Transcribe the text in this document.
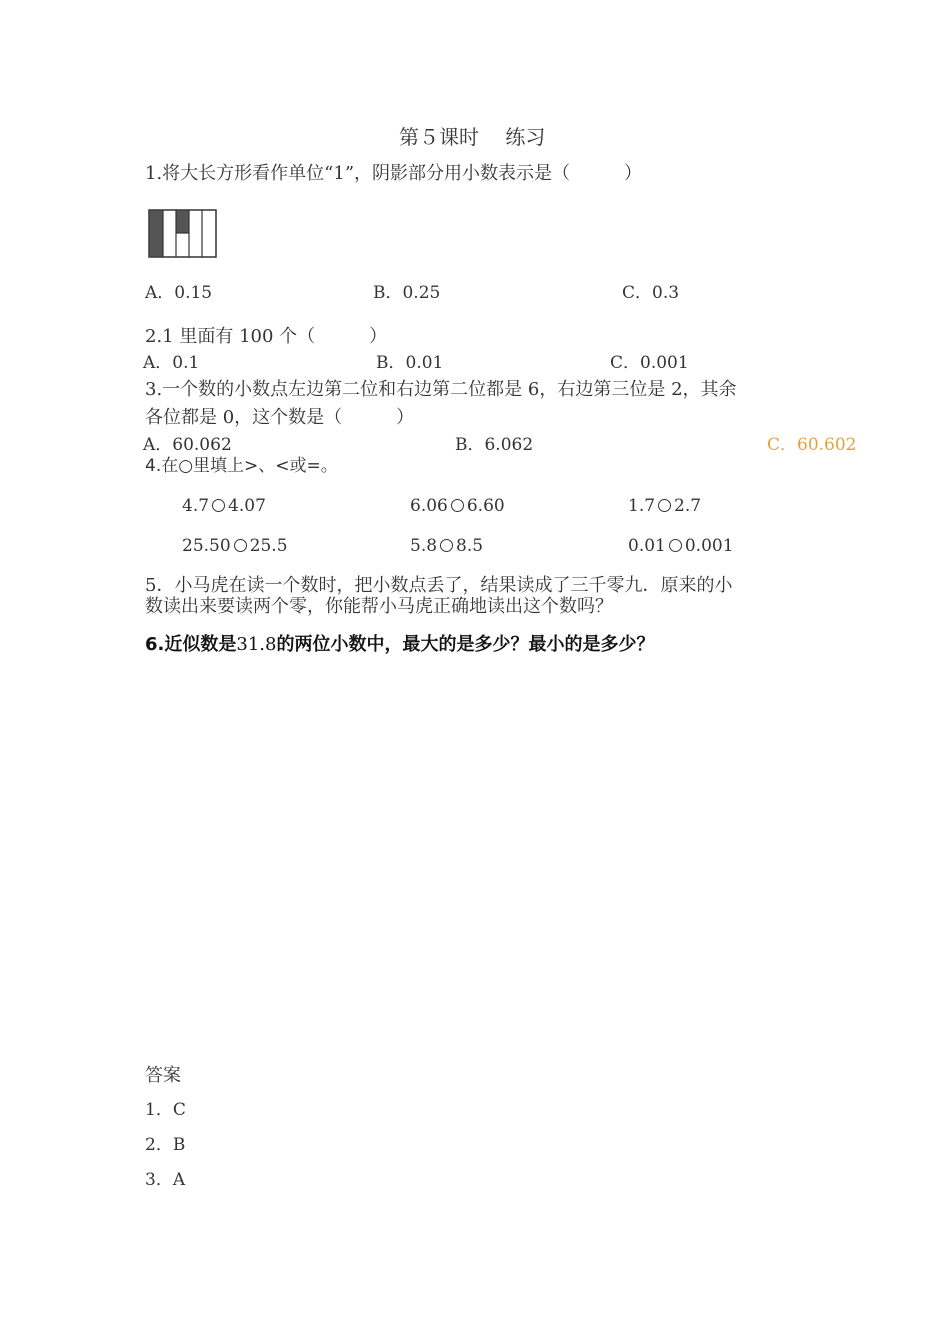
第５课时　 练习
1.将大长方形看作单位“1”，阴影部分用小数表示是（　　　）
A．0.15	B．0.25	C．0.3
2.1 里面有 100 个（　　　）
A．0.1	B．0.01	C．0.001
3.一个数的小数点左边第二位和右边第二位都是 6，右边第三位是 2，其余
各位都是 0，这个数是（　　　）
A．60.062	B．6.062	C．60.602
4.在○里填上>、<或=。
4.7 4.07	6.06 6.60	1.7 2.7
25.50 25.5	5.8 8.5	0.01 0.001
5．小马虎在读一个数时，把小数点丢了，结果读成了三千零九．原来的小
数读出来要读两个零，你能帮小马虎正确地读出这个数吗？
6.近似数是31.8的两位小数中，最大的是多少？最小的是多少？
答案
1．C
2．B
3．A
